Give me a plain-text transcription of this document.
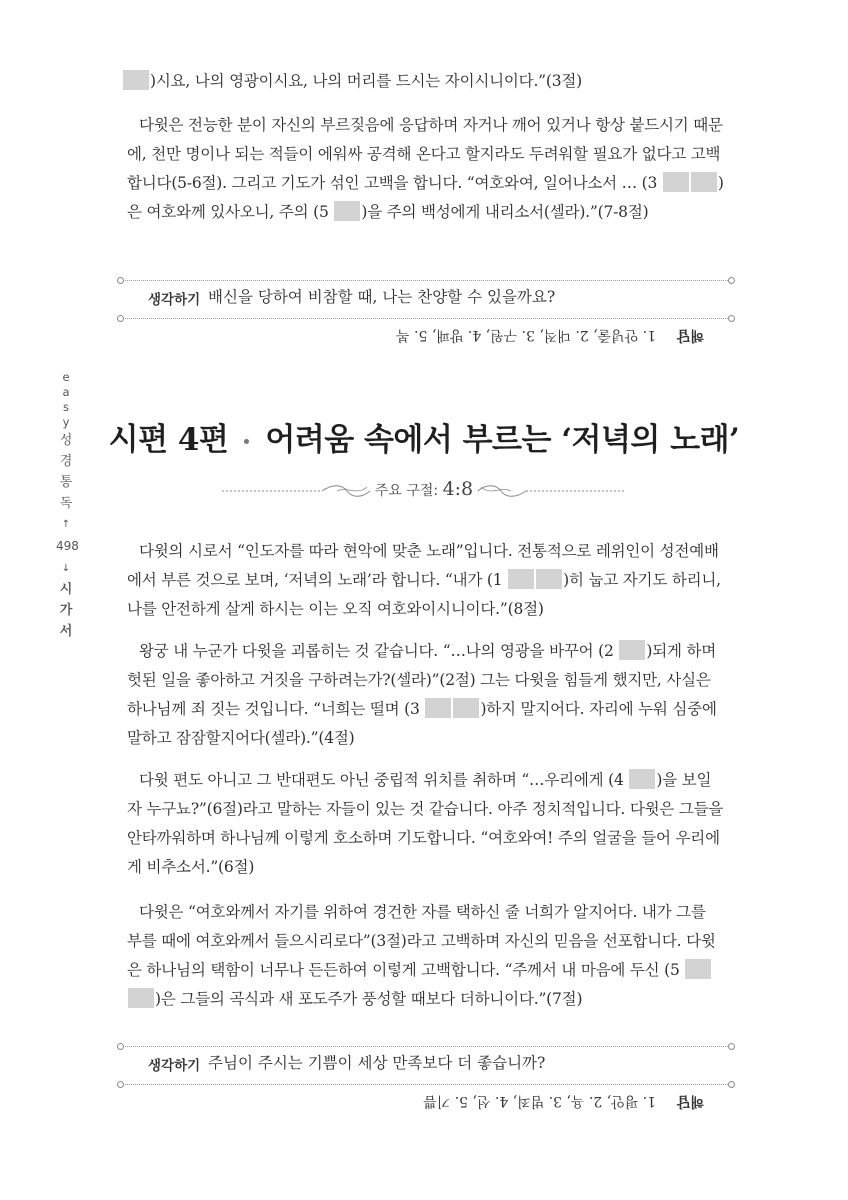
e
a
s
y
성
경
통
독
↑
498
↓
시
가
서

)시요, 나의 영광이시요, 나의 머리를 드시는 자이시니이다.”(3절)

다윗은 전능한 분이 자신의 부르짖음에 응답하며 자거나 깨어 있거나 항상 붙드시기 때문에, 천만 명이나 되는 적들이 에워싸 공격해 온다고 할지라도 두려워할 필요가 없다고 고백합니다(5-6절). 그리고 기도가 섞인 고백을 합니다. “여호와여, 일어나소서 … (3	)은 여호와께 있사오니, 주의 (5 )을 주의 백성에게 내리소서(셀라).”(7-8절)

생각하기 배신을 당하여 비참할 때, 나는 찬양할 수 있을까요?
해답
1. 안녕줄, 2. 대적, 3. 구원, 4. 방패, 5. 복
시편 4편 어려움 속에서 부르는 ‘저녁의 노래’
주요 구절: 4:8

다윗의 시로서 “인도자를 따라 현악에 맞춘 노래”입니다. 전통적으로 레위인이 성전예배에서 부른 것으로 보며, ‘저녁의 노래’라 합니다. “내가 (1	)히 눕고 자기도 하리니, 나를 안전하게 살게 하시는 이는 오직 여호와이시니이다.”(8절)

왕궁 내 누군가 다윗을 괴롭히는 것 같습니다. “…나의 영광을 바꾸어 (2 )되게 하며 헛된 일을 좋아하고 거짓을 구하려는가?(셀라)”(2절) 그는 다윗을 힘들게 했지만, 사실은 하나님께 죄 짓는 것입니다. “너희는 떨며 (3	)하지 말지어다. 자리에 누워 심중에 말하고 잠잠할지어다(셀라).”(4절)

다윗 편도 아니고 그 반대편도 아닌 중립적 위치를 취하며 “…우리에게 (4 )을 보일 자 누구뇨?”(6절)라고 말하는 자들이 있는 것 같습니다. 아주 정치적입니다. 다윗은 그들을 안타까워하며 하나님께 이렇게 호소하며 기도합니다. “여호와여! 주의 얼굴을 들어 우리에게 비추소서.”(6절)

다윗은 “여호와께서 자기를 위하여 경건한 자를 택하신 줄 너희가 알지어다. 내가 그를 부를 때에 여호와께서 들으시리로다”(3절)라고 고백하며 자신의 믿음을 선포합니다. 다윗은 하나님의 택함이 너무나 든든하여 이렇게 고백합니다. “주께서 내 마음에 두신 (5 )은 그들의 곡식과 새 포도주가 풍성할 때보다 더하니이다.”(7절)

생각하기 주님이 주시는 기쁨이 세상 만족보다 더 좋습니까?
해답
1. 평안, 2. 욕, 3. 범죄, 4. 선, 5. 기쁨
